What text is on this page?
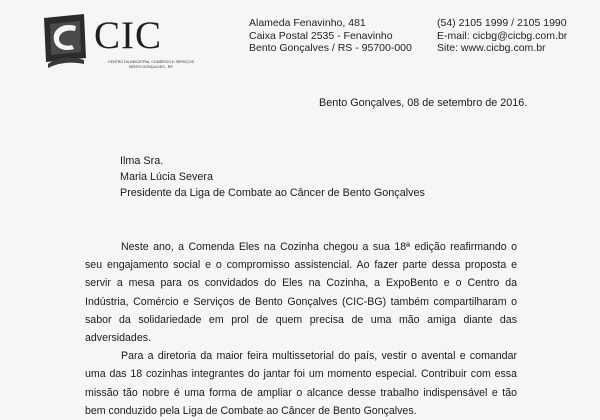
CIC
CENTRO DA INDÚSTRIA, COMÉRCIO E SERVIÇOS
BENTO GONÇALVES - RS
Alameda Fenavinho, 481
Caixa Postal 2535 - Fenavinho
Bento Gonçalves / RS - 95700-000
(54) 2105 1999 / 2105 1990
E-mail: cicbg@cicbg.com.br
Site: www.cicbg.com.br
Bento Gonçalves, 08 de setembro de 2016.
Ilma Sra.
Maria Lúcia Severa
Presidente da Liga de Combate ao Câncer de Bento Gonçalves

Neste ano, a Comenda Eles na Cozinha chegou a sua 18ª edição reafirmando o seu engajamento social e o compromisso assistencial. Ao fazer parte dessa proposta e servir a mesa para os convidados do Eles na Cozinha, a ExpoBento e o Centro da Indústria, Comércio e Serviços de Bento Gonçalves (CIC-BG) também compartilharam o sabor da solidariedade em prol de quem precisa de uma mão amiga diante das adversidades.

Para a diretoria da maior feira multissetorial do país, vestir o avental e comandar uma das 18 cozinhas integrantes do jantar foi um momento especial. Contribuir com essa missão tão nobre é uma forma de ampliar o alcance desse trabalho indispensável e tão bem conduzido pela Liga de Combate ao Câncer de Bento Gonçalves.
